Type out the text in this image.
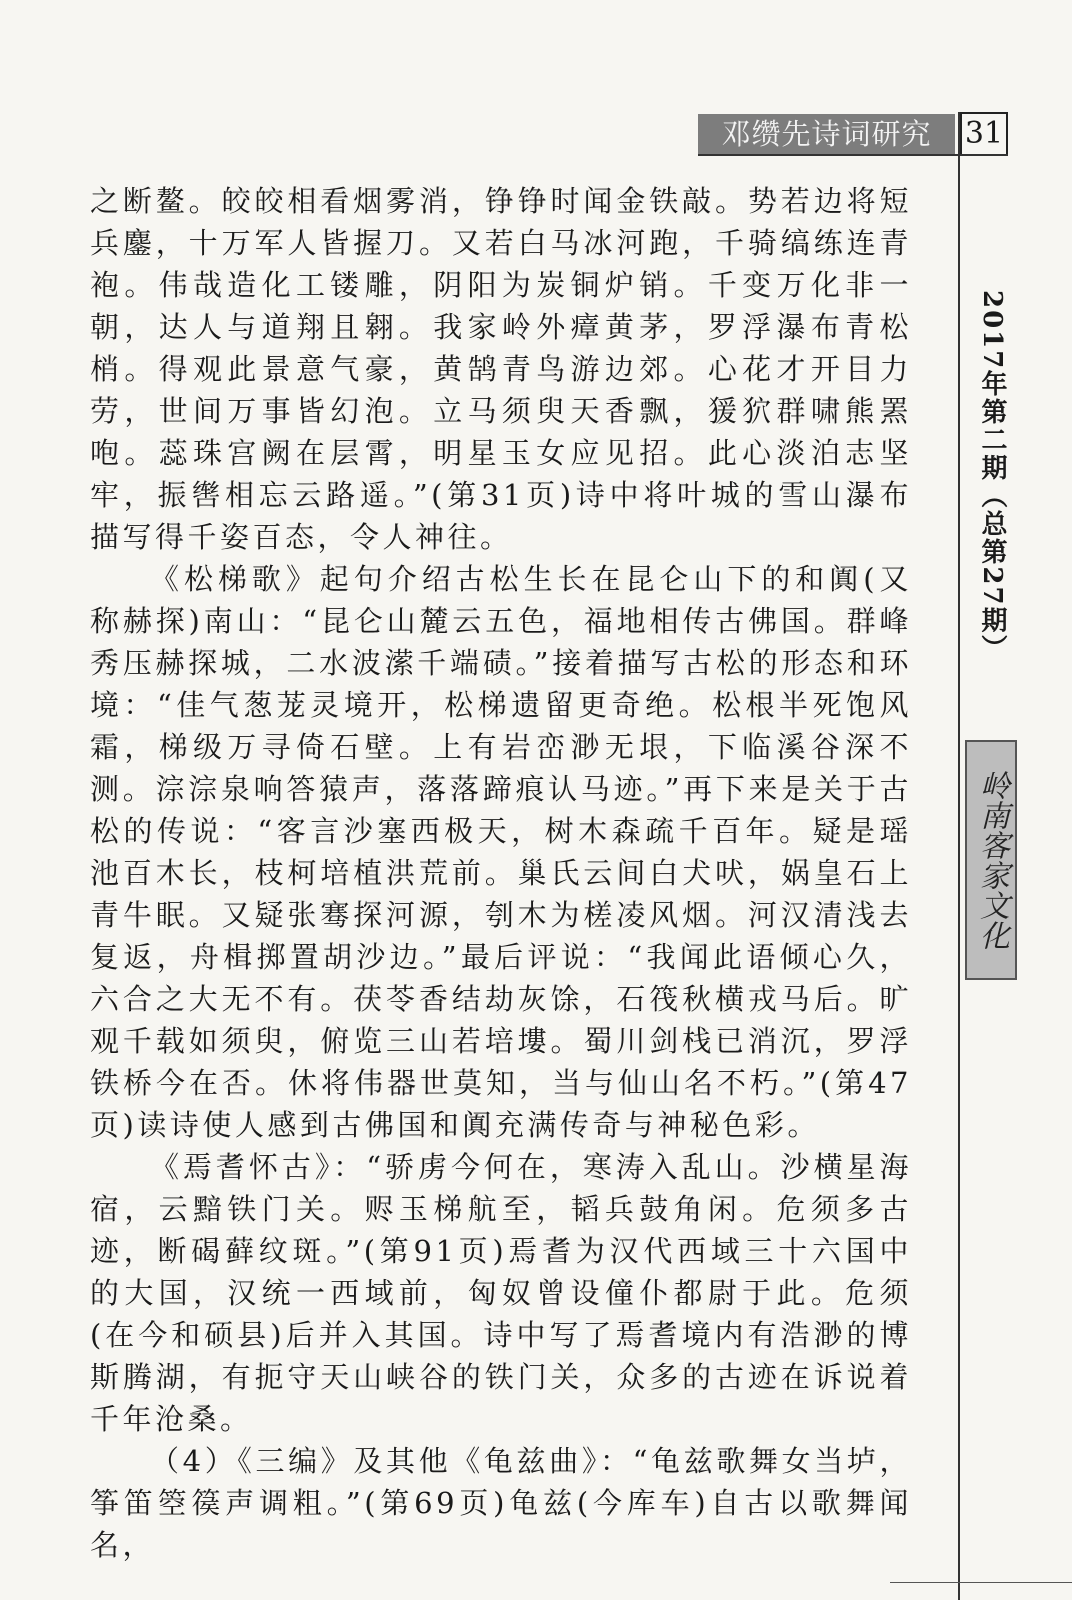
邓缵先诗词研究	31
2017年第二期（总第27期）
岭南客家文化

之断鳌。皎皎相看烟雾消，铮铮时闻金铁敲。势若边将短兵鏖，十万军人皆握刀。又若白马冰河跑，千骑缟练连青袍。伟哉造化工镂雕，阴阳为炭铜炉销。千变万化非一朝，达人与道翔且翱。我家岭外瘴黄茅，罗浮瀑布青松梢。得观此景意气豪，黄鹄青鸟游边郊。心花才开目力劳，世间万事皆幻泡。立马须臾天香飘，猨狖群啸熊罴咆。蕊珠宫阙在层霄，明星玉女应见招。此心淡泊志坚牢，振辔相忘云路遥。”(第31页)诗中将叶城的雪山瀑布描写得千姿百态，令人神往。

《松梯歌》起句介绍古松生长在昆仑山下的和阗(又称赫探)南山：“昆仑山麓云五色，福地相传古佛国。群峰秀压赫探城，二水波潆千端碛。”接着描写古松的形态和环境：“佳气葱茏灵境开，松梯遗留更奇绝。松根半死饱风霜，梯级万寻倚石壁。上有岩峦渺无垠，下临溪谷深不测。淙淙泉响答猿声，落落蹄痕认马迹。”再下来是关于古松的传说：“客言沙塞西极天，树木森疏千百年。疑是瑶池百木长，枝柯培植洪荒前。巢氏云间白犬吠，娲皇石上青牛眠。又疑张骞探河源，刳木为槎凌风烟。河汉清浅去复返，舟楫掷置胡沙边。”最后评说：“我闻此语倾心久，六合之大无不有。茯苓香结劫灰馀，石筏秋横戎马后。旷观千载如须臾，俯览三山若培塿。蜀川剑栈已消沉，罗浮铁桥今在否。休将伟器世莫知，当与仙山名不朽。”(第47页)读诗使人感到古佛国和阗充满传奇与神秘色彩。

《焉耆怀古》：“骄虏今何在，寒涛入乱山。沙横星海宿，云黯铁门关。赆玉梯航至，韬兵鼓角闲。危须多古迹，断碣藓纹斑。”(第91页)焉耆为汉代西域三十六国中的大国，汉统一西域前，匈奴曾设僮仆都尉于此。危须(在今和硕县)后并入其国。诗中写了焉耆境内有浩渺的博斯腾湖，有扼守天山峡谷的铁门关，众多的古迹在诉说着千年沧桑。

（4）《三编》及其他《龟兹曲》：“龟兹歌舞女当垆，筝笛箜篌声调粗。”(第69页)龟兹(今库车)自古以歌舞闻名，
